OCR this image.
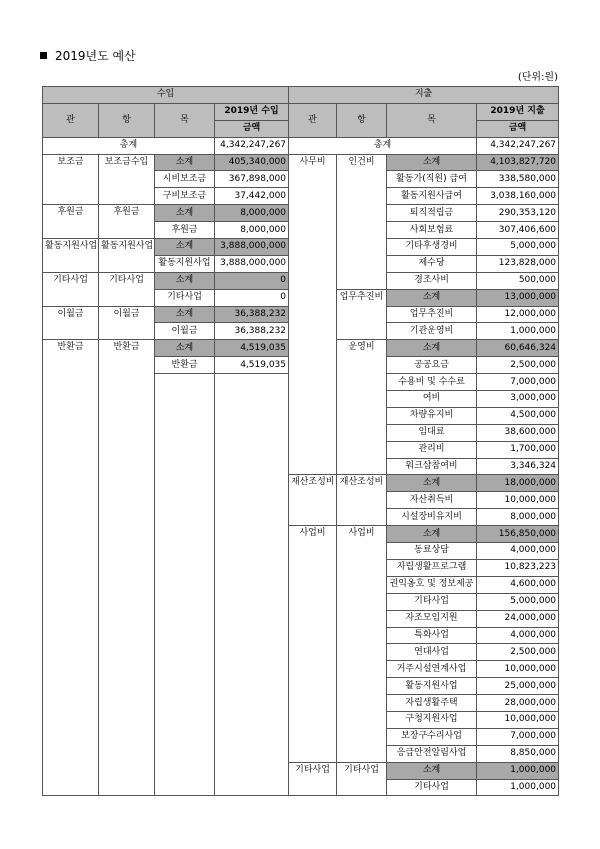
2019년도 예산
(단위:원)
수입				지출			
관	항	목	2019년 수입	관	항	목	2019년 지출
			금액				금액
총계			4,342,247,267	총계			4,342,247,267
보조금	보조금수입	소계	405,340,000	사무비	인건비	소계	4,103,827,720
		시비보조금	367,898,000			활동가(직원) 급여	338,580,000
		구비보조금	37,442,000			활동지원사급여	3,038,160,000
후원금	후원금	소계	8,000,000			퇴직적립금	290,353,120
		후원금	8,000,000			사회보험료	307,406,600
활동지원사업	활동지원사업	소계	3,888,000,000			기타후생경비	5,000,000
		활동지원사업	3,888,000,000			제수당	123,828,000
기타사업	기타사업	소계	0			경조사비	500,000
		기타사업	0		업무추진비	소계	13,000,000
이월금	이월금	소계	36,388,232			업무추진비	12,000,000
		이월금	36,388,232			기관운영비	1,000,000
반환금	반환금	소계	4,519,035		운영비	소계	60,646,324
		반환금	4,519,035			공공요금	2,500,000
						수용비 및 수수료	7,000,000
						여비	3,000,000
						차량유지비	4,500,000
						임대료	38,600,000
						관리비	1,700,000
						워크샵참여비	3,346,324
				재산조성비	재산조성비	소계	18,000,000
						자산취득비	10,000,000
						시설장비유지비	8,000,000
				사업비	사업비	소계	156,850,000
						동료상담	4,000,000
						자립생활프로그램	10,823,223
						권익옹호 및 정보제공	4,600,000
						기타사업	5,000,000
						자조모임지원	24,000,000
						특화사업	4,000,000
						연대사업	2,500,000
						거주시설연계사업	10,000,000
						활동지원사업	25,000,000
						자립생활주택	28,000,000
						구청지원사업	10,000,000
						보장구수리사업	7,000,000
						응급안전알림사업	8,850,000
				기타사업	기타사업	소계	1,000,000
						기타사업	1,000,000
